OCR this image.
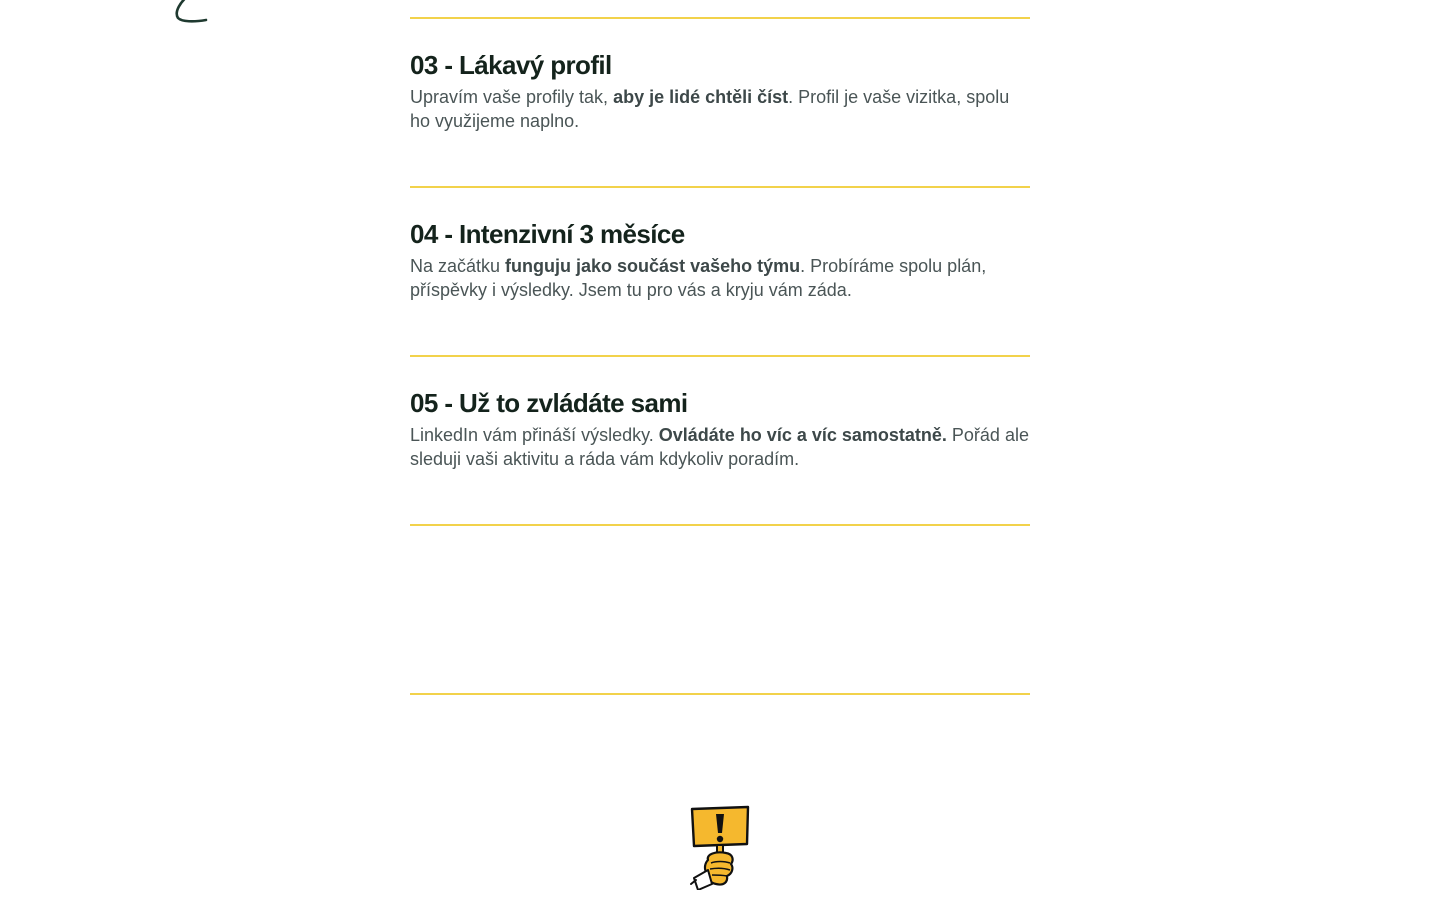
03 - Lákavý profil

Upravím vaše profily tak, aby je lidé chtěli číst. Profil je vaše vizitka, spolu ho využijeme naplno.

04 - Intenzivní 3 měsíce

Na začátku funguju jako součást vašeho týmu. Probíráme spolu plán, příspěvky i výsledky. Jsem tu pro vás a kryju vám záda.

05 - Už to zvládáte sami

LinkedIn vám přináší výsledky. Ovládáte ho víc a víc samostatně. Pořád ale sleduji vaši aktivitu a ráda vám kdykoliv poradím.
